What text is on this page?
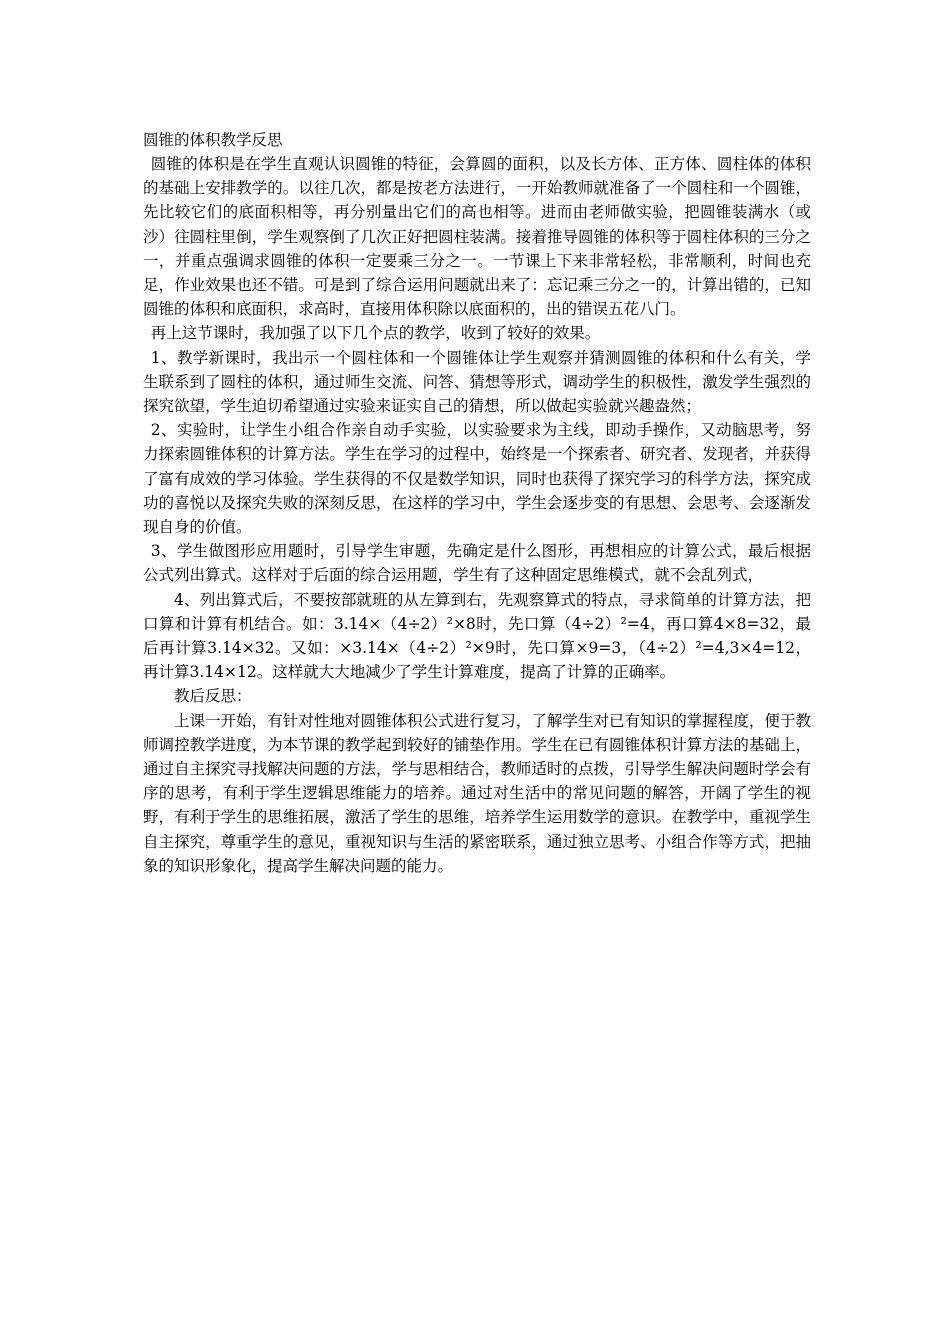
圆锥的体积教学反思

圆锥的体积是在学生直观认识圆锥的特征，会算圆的面积，以及长方体、正方体、圆柱体的体积的基础上安排教学的。以往几次，都是按老方法进行，一开始教师就准备了一个圆柱和一个圆锥，先比较它们的底面积相等，再分别量出它们的高也相等。进而由老师做实验，把圆锥装满水（或沙）往圆柱里倒，学生观察倒了几次正好把圆柱装满。接着推导圆锥的体积等于圆柱体积的三分之一，并重点强调求圆锥的体积一定要乘三分之一。一节课上下来非常轻松，非常顺利，时间也充足，作业效果也还不错。可是到了综合运用问题就出来了：忘记乘三分之一的，计算出错的，已知圆锥的体积和底面积，求高时，直接用体积除以底面积的，出的错误五花八门。

再上这节课时，我加强了以下几个点的教学，收到了较好的效果。

1、教学新课时，我出示一个圆柱体和一个圆锥体让学生观察并猜测圆锥的体积和什么有关，学生联系到了圆柱的体积，通过师生交流、问答、猜想等形式，调动学生的积极性，激发学生强烈的探究欲望，学生迫切希望通过实验来证实自己的猜想，所以做起实验就兴趣盎然；

2、实验时，让学生小组合作亲自动手实验，以实验要求为主线，即动手操作，又动脑思考，努力探索圆锥体积的计算方法。学生在学习的过程中，始终是一个探索者、研究者、发现者，并获得了富有成效的学习体验。学生获得的不仅是数学知识，同时也获得了探究学习的科学方法，探究成功的喜悦以及探究失败的深刻反思，在这样的学习中，学生会逐步变的有思想、会思考、会逐渐发现自身的价值。

3、学生做图形应用题时，引导学生审题，先确定是什么图形，再想相应的计算公式，最后根据公式列出算式。这样对于后面的综合运用题，学生有了这种固定思维模式，就不会乱列式，

4、列出算式后，不要按部就班的从左算到右，先观察算式的特点，寻求简单的计算方法，把口算和计算有机结合。如：3.14×（4÷2）²×8时，先口算（4÷2）²=4，再口算4×8=32，最后再计算3.14×32。又如：×3.14×（4÷2）²×9时，先口算×9=3，（4÷2）²=4,3×4=12，再计算3.14×12。这样就大大地减少了学生计算难度，提高了计算的正确率。

教后反思：

上课一开始，有针对性地对圆锥体积公式进行复习，了解学生对已有知识的掌握程度，便于教师调控教学进度，为本节课的教学起到较好的铺垫作用。学生在已有圆锥体积计算方法的基础上，通过自主探究寻找解决问题的方法，学与思相结合，教师适时的点拨，引导学生解决问题时学会有序的思考，有利于学生逻辑思维能力的培养。通过对生活中的常见问题的解答，开阔了学生的视野，有利于学生的思维拓展，激活了学生的思维，培养学生运用数学的意识。在教学中，重视学生自主探究，尊重学生的意见，重视知识与生活的紧密联系，通过独立思考、小组合作等方式，把抽象的知识形象化，提高学生解决问题的能力。
